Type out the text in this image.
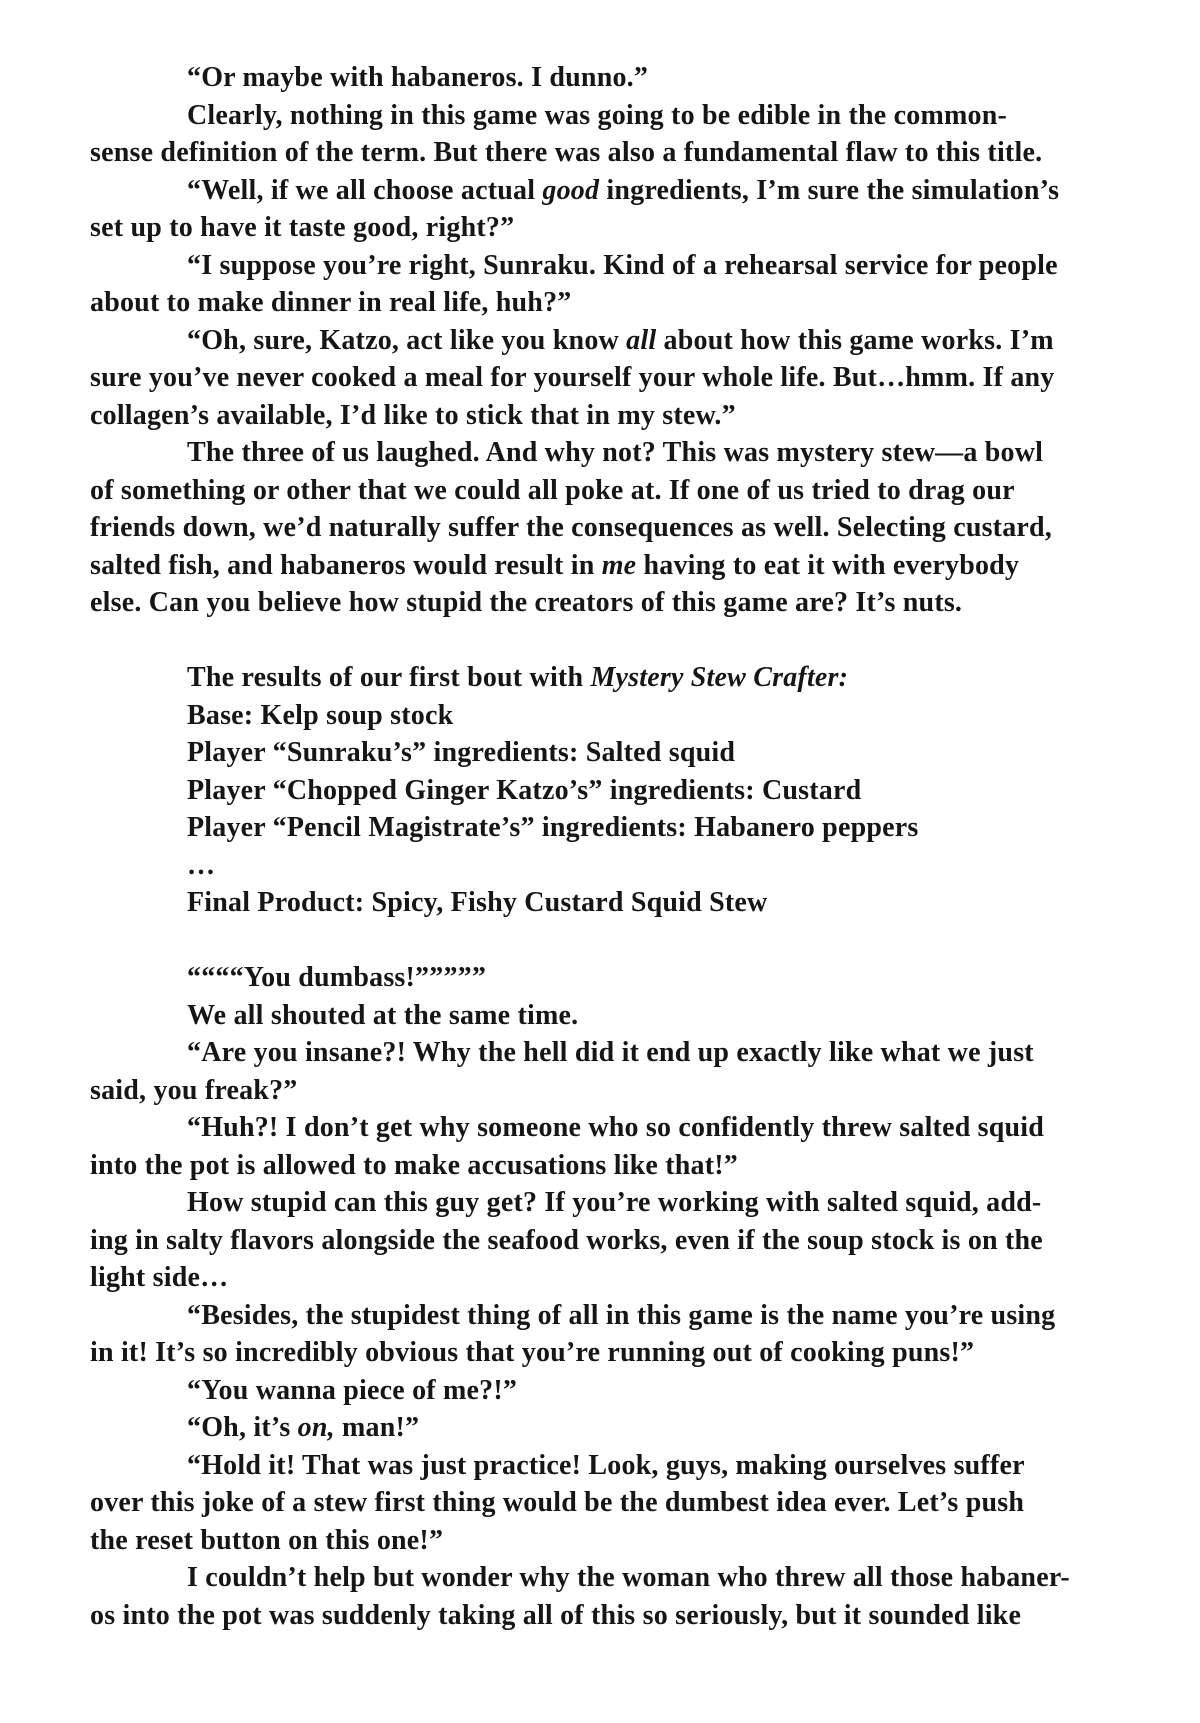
“Or maybe with habaneros. I dunno.”
Clearly, nothing in this game was going to be edible in the common-
sense definition of the term. But there was also a fundamental flaw to this title.
“Well, if we all choose actual good ingredients, I’m sure the simulation’s
set up to have it taste good, right?”
“I suppose you’re right, Sunraku. Kind of a rehearsal service for people
about to make dinner in real life, huh?”
“Oh, sure, Katzo, act like you know all about how this game works. I’m
sure you’ve never cooked a meal for yourself your whole life. But…hmm. If any
collagen’s available, I’d like to stick that in my stew.”
The three of us laughed. And why not? This was mystery stew—a bowl
of something or other that we could all poke at. If one of us tried to drag our
friends down, we’d naturally suffer the consequences as well. Selecting custard,
salted fish, and habaneros would result in me having to eat it with everybody
else. Can you believe how stupid the creators of this game are? It’s nuts.

The results of our first bout with Mystery Stew Crafter:
Base: Kelp soup stock
Player “Sunraku’s” ingredients: Salted squid
Player “Chopped Ginger Katzo’s” ingredients: Custard
Player “Pencil Magistrate’s” ingredients: Habanero peppers
…
Final Product: Spicy, Fishy Custard Squid Stew

““““You dumbass!”””””
We all shouted at the same time.
“Are you insane?! Why the hell did it end up exactly like what we just
said, you freak?”
“Huh?! I don’t get why someone who so confidently threw salted squid
into the pot is allowed to make accusations like that!”
How stupid can this guy get? If you’re working with salted squid, add-
ing in salty flavors alongside the seafood works, even if the soup stock is on the
light side…
“Besides, the stupidest thing of all in this game is the name you’re using
in it! It’s so incredibly obvious that you’re running out of cooking puns!”
“You wanna piece of me?!”
“Oh, it’s on, man!”
“Hold it! That was just practice! Look, guys, making ourselves suffer
over this joke of a stew first thing would be the dumbest idea ever. Let’s push
the reset button on this one!”
I couldn’t help but wonder why the woman who threw all those habaner-
os into the pot was suddenly taking all of this so seriously, but it sounded like
